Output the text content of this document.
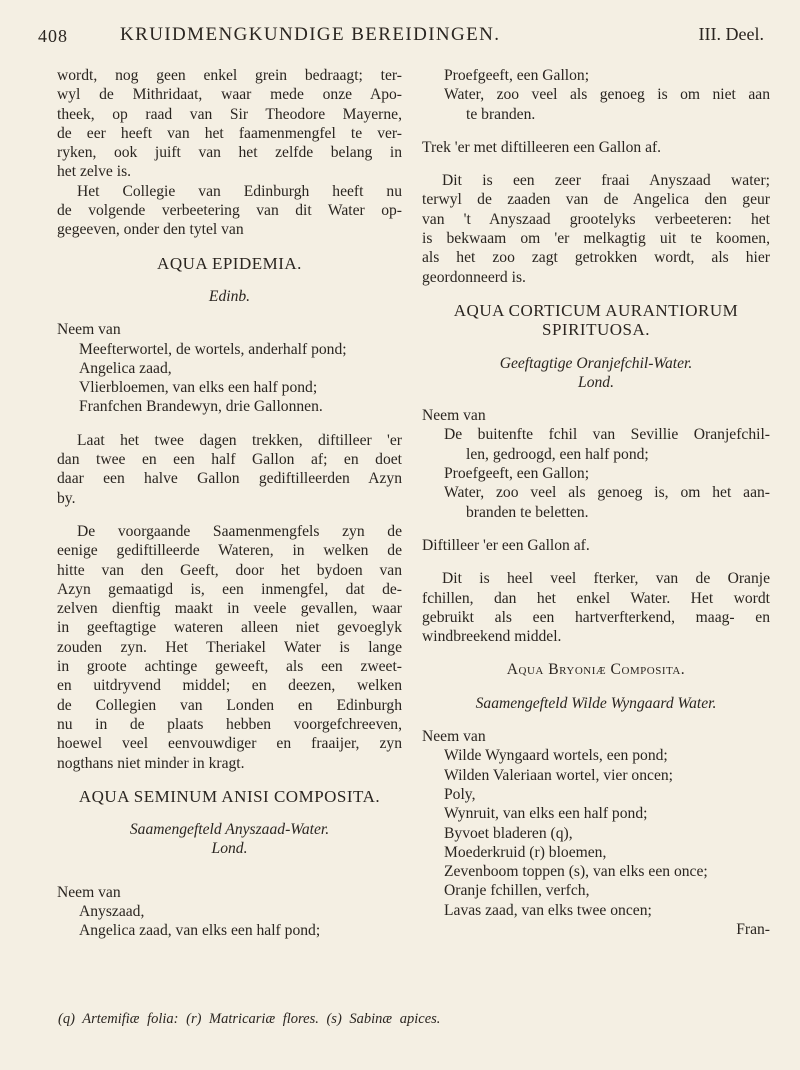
408	KRUIDMENGKUNDIGE BEREIDINGEN.	III. Deel.
wordt, nog geen enkel grein bedraagt; ter-
wyl de Mithridaat, waar mede onze Apo-
theek, op raad van Sir Theodore Mayerne,
de eer heeft van het faamenmengfel te ver-
ryken, ook juift van het zelfde belang in
het zelve is.
Het Collegie van Edinburgh heeft nu
de volgende verbeetering van dit Water op-
gegeeven, onder den tytel van
AQUA EPIDEMIA.
Edinb.
Neem van
Meefterwortel, de wortels, anderhalf pond;
Angelica zaad,
Vlierbloemen, van elks een half pond;
Franfchen Brandewyn, drie Gallonnen.
Laat het twee dagen trekken, diftilleer 'er
dan twee en een half Gallon af; en doet
daar een halve Gallon gediftilleerden Azyn
by.
De voorgaande Saamenmengfels zyn de
eenige gediftilleerde Wateren, in welken de
hitte van den Geeft, door het bydoen van
Azyn gemaatigd is, een inmengfel, dat de-
zelven dienftig maakt in veele gevallen, waar
in geeftagtige wateren alleen niet gevoeglyk
zouden zyn. Het Theriakel Water is lange
in groote achtinge geweeft, als een zweet-
en uitdryvend middel; en deezen, welken
de Collegien van Londen en Edinburgh
nu in de plaats hebben voorgefchreeven,
hoewel veel eenvouwdiger en fraaijer, zyn
nogthans niet minder in kragt.
AQUA SEMINUM ANISI COMPOSITA.
Saamengefteld Anyszaad-Water.
Lond.
Neem van
Anyszaad,
Angelica zaad, van elks een half pond;
Proefgeeft, een Gallon;
Water, zoo veel als genoeg is om niet aan
te branden.
Trek 'er met diftilleeren een Gallon af.
Dit is een zeer fraai Anyszaad water;
terwyl de zaaden van de Angelica den geur
van 't Anyszaad grootelyks verbeeteren: het
is bekwaam om 'er melkagtig uit te koomen,
als het zoo zagt getrokken wordt, als hier
geordonneerd is.
AQUA CORTICUM AURANTIORUM
SPIRITUOSA.
Geeftagtige Oranjefchil-Water.
Lond.
Neem van
De buitenfte fchil van Sevillie Oranjefchil-
len, gedroogd, een half pond;
Proefgeeft, een Gallon;
Water, zoo veel als genoeg is, om het aan-
branden te beletten.
Diftilleer 'er een Gallon af.
Dit is heel veel fterker, van de Oranje
fchillen, dan het enkel Water. Het wordt
gebruikt als een hartverfterkend, maag- en
windbreekend middel.
Aqua Bryoniæ Composita.
Saamengefteld Wilde Wyngaard Water.
Neem van
Wilde Wyngaard wortels, een pond;
Wilden Valeriaan wortel, vier oncen;
Poly,
Wynruit, van elks een half pond;
Byvoet bladeren (q),
Moederkruid (r) bloemen,
Zevenboom toppen (s), van elks een once;
Oranje fchillen, verfch,
Lavas zaad, van elks twee oncen;
Fran-
(q) Artemifiæ folia: (r) Matricariæ flores. (s) Sabinæ apices.
